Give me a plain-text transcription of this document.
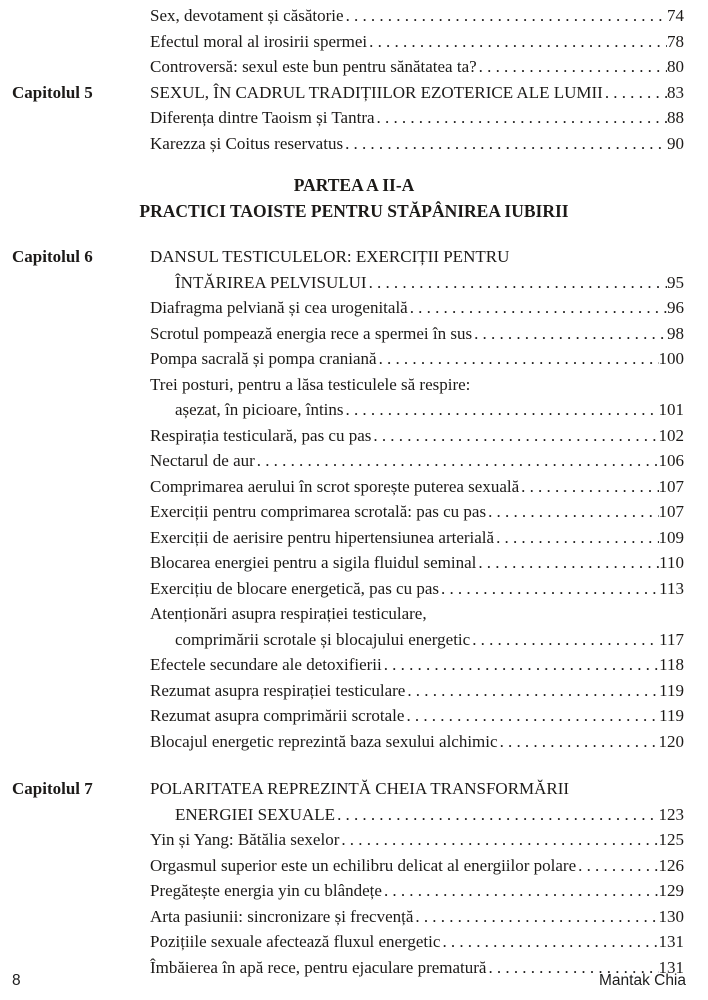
Sex, devotament și căsătorie .....	74
Efectul moral al irosirii spermei .....	78
Controversă: sexul este bun pentru sănătatea ta? .....	80
Capitolul 5	SEXUL, ÎN CADRUL TRADIȚIILOR EZOTERICE ALE LUMII .....	83
Diferența dintre Taoism și Tantra .....	88
Karezza și Coitus reservatus .....	90
PARTEA A II-A
PRACTICI TAOISTE PENTRU STĂPÂNIREA IUBIRII
Capitolul 6	DANSUL TESTICULELOR: EXERCIȚII PENTRU
ÎNTĂRIREA PELVISULUI .....	95
Diafragma pelviană și cea urogenitală .....	96
Scrotul pompează energia rece a spermei în sus .....	98
Pompa sacrală și pompa craniană .....	100
Trei posturi, pentru a lăsa testiculele să respire:
așezat, în picioare, întins .....	101
Respirația testiculară, pas cu pas .....	102
Nectarul de aur .....	106
Comprimarea aerului în scrot sporește puterea sexuală .....	107
Exerciții pentru comprimarea scrotală: pas cu pas .....	107
Exerciții de aerisire pentru hipertensiunea arterială .....	109
Blocarea energiei pentru a sigila fluidul seminal .....	110
Exercițiu de blocare energetică, pas cu pas .....	113
Atenționări asupra respirației testiculare,
comprimării scrotale și blocajului energetic .....	117
Efectele secundare ale detoxifierii .....	118
Rezumat asupra respirației testiculare .....	119
Rezumat asupra comprimării scrotale .....	119
Blocajul energetic reprezintă baza sexului alchimic .....	120
Capitolul 7	POLARITATEA REPREZINTĂ CHEIA TRANSFORMĂRII
ENERGIEI SEXUALE .....	123
Yin și Yang: Bătălia sexelor .....	125
Orgasmul superior este un echilibru delicat al energiilor polare .....	126
Pregătește energia yin cu blândețe .....	129
Arta pasiunii: sincronizare și frecvență .....	130
Pozițiile sexuale afectează fluxul energetic .....	131
Îmbăierea în apă rece, pentru ejaculare prematură .....	131
8	Mantak Chia
